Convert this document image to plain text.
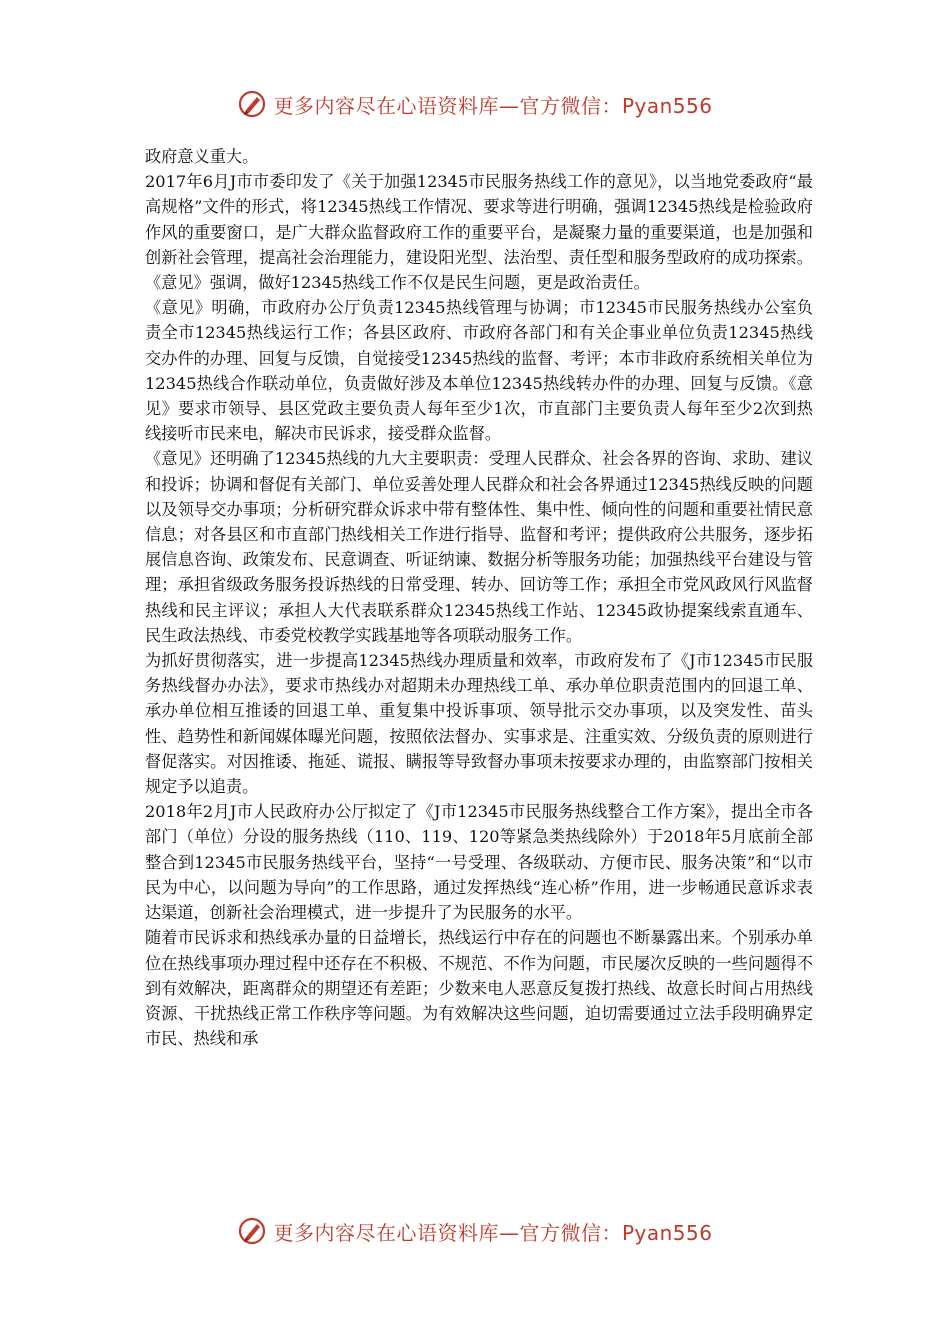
更多内容尽在心语资料库—官方微信：Pyan556

政府意义重大。

2017年6月J市市委印发了《关于加强12345市民服务热线工作的意见》，以当地党委政府“最高规格”文件的形式，将12345热线工作情况、要求等进行明确，强调12345热线是检验政府作风的重要窗口，是广大群众监督政府工作的重要平台，是凝聚力量的重要渠道，也是加强和创新社会管理，提高社会治理能力，建设阳光型、法治型、责任型和服务型政府的成功探索。《意见》强调，做好12345热线工作不仅是民生问题，更是政治责任。

《意见》明确，市政府办公厅负责12345热线管理与协调；市12345市民服务热线办公室负责全市12345热线运行工作；各县区政府、市政府各部门和有关企事业单位负责12345热线交办件的办理、回复与反馈，自觉接受12345热线的监督、考评；本市非政府系统相关单位为12345热线合作联动单位，负责做好涉及本单位12345热线转办件的办理、回复与反馈。《意见》要求市领导、县区党政主要负责人每年至少1次，市直部门主要负责人每年至少2次到热线接听市民来电，解决市民诉求，接受群众监督。

《意见》还明确了12345热线的九大主要职责：受理人民群众、社会各界的咨询、求助、建议和投诉；协调和督促有关部门、单位妥善处理人民群众和社会各界通过12345热线反映的问题以及领导交办事项；分析研究群众诉求中带有整体性、集中性、倾向性的问题和重要社情民意信息；对各县区和市直部门热线相关工作进行指导、监督和考评；提供政府公共服务，逐步拓展信息咨询、政策发布、民意调查、听证纳谏、数据分析等服务功能；加强热线平台建设与管理；承担省级政务服务投诉热线的日常受理、转办、回访等工作；承担全市党风政风行风监督热线和民主评议；承担人大代表联系群众12345热线工作站、12345政协提案线索直通车、民生政法热线、市委党校教学实践基地等各项联动服务工作。

为抓好贯彻落实，进一步提高12345热线办理质量和效率，市政府发布了《J市12345市民服务热线督办办法》，要求市热线办对超期未办理热线工单、承办单位职责范围内的回退工单、承办单位相互推诿的回退工单、重复集中投诉事项、领导批示交办事项，以及突发性、苗头性、趋势性和新闻媒体曝光问题，按照依法督办、实事求是、注重实效、分级负责的原则进行督促落实。对因推诿、拖延、谎报、瞒报等导致督办事项未按要求办理的，由监察部门按相关规定予以追责。

2018年2月J市人民政府办公厅拟定了《J市12345市民服务热线整合工作方案》，提出全市各部门（单位）分设的服务热线（110、119、120等紧急类热线除外）于2018年5月底前全部整合到12345市民服务热线平台，坚持“一号受理、各级联动、方便市民、服务决策”和“以市民为中心，以问题为导向”的工作思路，通过发挥热线“连心桥”作用，进一步畅通民意诉求表达渠道，创新社会治理模式，进一步提升了为民服务的水平。

随着市民诉求和热线承办量的日益增长，热线运行中存在的问题也不断暴露出来。个别承办单位在热线事项办理过程中还存在不积极、不规范、不作为问题，市民屡次反映的一些问题得不到有效解决，距离群众的期望还有差距；少数来电人恶意反复拨打热线、故意长时间占用热线资源、干扰热线正常工作秩序等问题。为有效解决这些问题，迫切需要通过立法手段明确界定市民、热线和承

更多内容尽在心语资料库—官方微信：Pyan556
